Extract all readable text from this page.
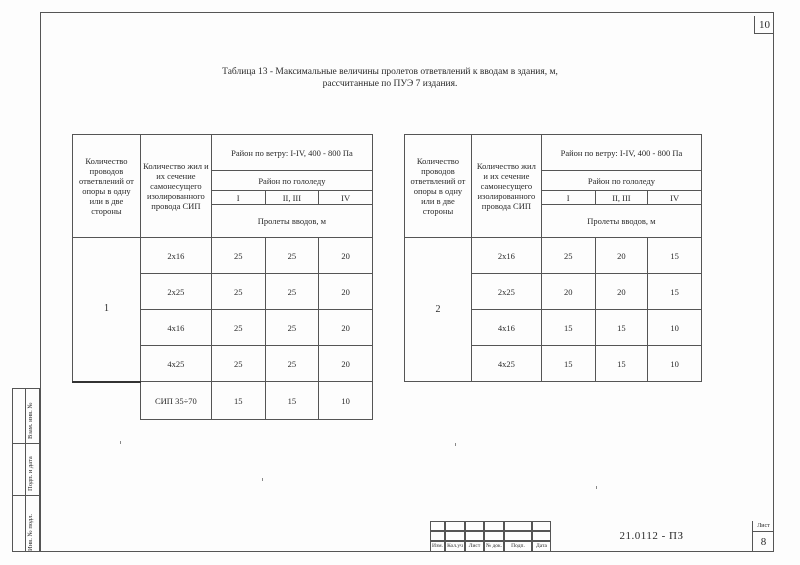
10
Таблица 13 - Максимальные величины пролетов ответвлений к вводам в здания, м,
рассчитанные по ПУЭ 7 издания.
Количество проводов ответвлений от опоры в одну или в две стороны	Количество жил и их сечение самонесущего изолированного провода СИП	Район по ветру: I-IV, 400 - 800 Па		
		Район по гололеду		
		I	II, III	IV
		Пролеты вводов, м		
1	2х16	25	25	20
	2х25	25	25	20
	4х16	25	25	20
	4х25	25	25	20
	СИП 35÷70	15	15	10
Количество проводов ответвлений от опоры в одну или в две стороны	Количество жил и их сечение самонесущего изолированного провода СИП	Район по ветру: I-IV, 400 - 800 Па		
		Район по гололеду		
		I	II, III	IV
		Пролеты вводов, м		
2	2х16	25	20	15
	2х25	20	20	15
	4х16	15	15	10
	4х25	15	15	10
Инв. № подл.
Подп. и дата
Взам. инв. №
Изм. Кол.уч	Лист	№ док.	Подп.	Дата
21.0112 - ПЗ
Лист
8
